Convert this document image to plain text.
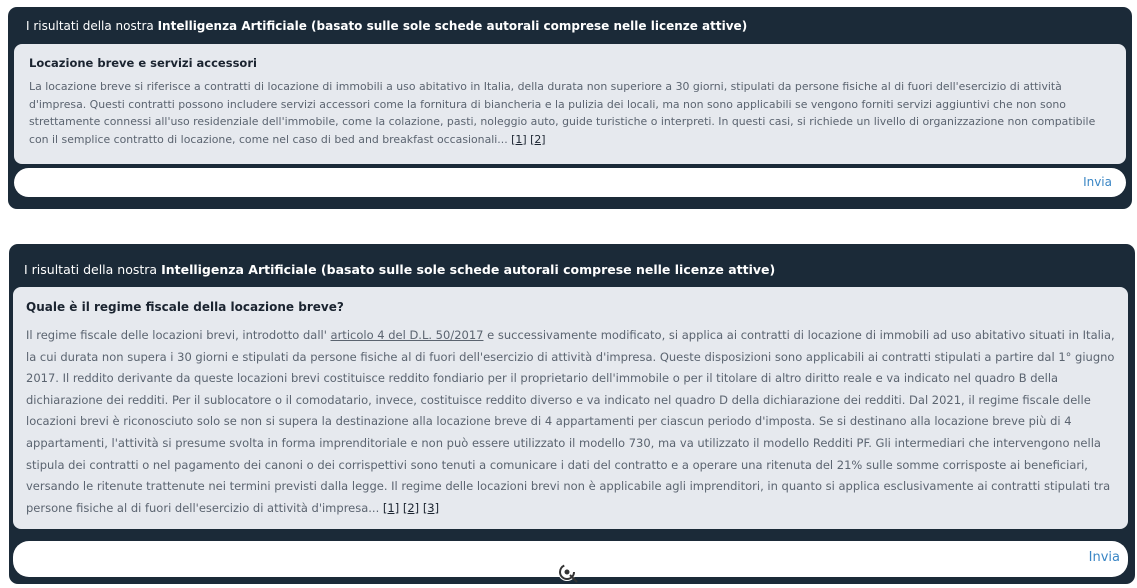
I risultati della nostra Intelligenza Artificiale (basato sulle sole schede autorali comprese nelle licenze attive)
Locazione breve e servizi accessori
La locazione breve si riferisce a contratti di locazione di immobili a uso abitativo in Italia, della durata non superiore a 30 giorni, stipulati da persone fisiche al di fuori dell'esercizio di attività d'impresa. Questi contratti possono includere servizi accessori come la fornitura di biancheria e la pulizia dei locali, ma non sono applicabili se vengono forniti servizi aggiuntivi che non sono strettamente connessi all'uso residenziale dell'immobile, come la colazione, pasti, noleggio auto, guide turistiche o interpreti. In questi casi, si richiede un livello di organizzazione non compatibile con il semplice contratto di locazione, come nel caso di bed and breakfast occasionali... [1] [2]
Invia
I risultati della nostra Intelligenza Artificiale (basato sulle sole schede autorali comprese nelle licenze attive)
Quale è il regime fiscale della locazione breve?
Il regime fiscale delle locazioni brevi, introdotto dall' articolo 4 del D.L. 50/2017 e successivamente modificato, si applica ai contratti di locazione di immobili ad uso abitativo situati in Italia, la cui durata non supera i 30 giorni e stipulati da persone fisiche al di fuori dell'esercizio di attività d'impresa. Queste disposizioni sono applicabili ai contratti stipulati a partire dal 1° giugno 2017. Il reddito derivante da queste locazioni brevi costituisce reddito fondiario per il proprietario dell'immobile o per il titolare di altro diritto reale e va indicato nel quadro B della dichiarazione dei redditi. Per il sublocatore o il comodatario, invece, costituisce reddito diverso e va indicato nel quadro D della dichiarazione dei redditi. Dal 2021, il regime fiscale delle locazioni brevi è riconosciuto solo se non si supera la destinazione alla locazione breve di 4 appartamenti per ciascun periodo d'imposta. Se si destinano alla locazione breve più di 4 appartamenti, l'attività si presume svolta in forma imprenditoriale e non può essere utilizzato il modello 730, ma va utilizzato il modello Redditi PF. Gli intermediari che intervengono nella stipula dei contratti o nel pagamento dei canoni o dei corrispettivi sono tenuti a comunicare i dati del contratto e a operare una ritenuta del 21% sulle somme corrisposte ai beneficiari, versando le ritenute trattenute nei termini previsti dalla legge. Il regime delle locazioni brevi non è applicabile agli imprenditori, in quanto si applica esclusivamente ai contratti stipulati tra persone fisiche al di fuori dell'esercizio di attività d'impresa... [1] [2] [3]
Invia
